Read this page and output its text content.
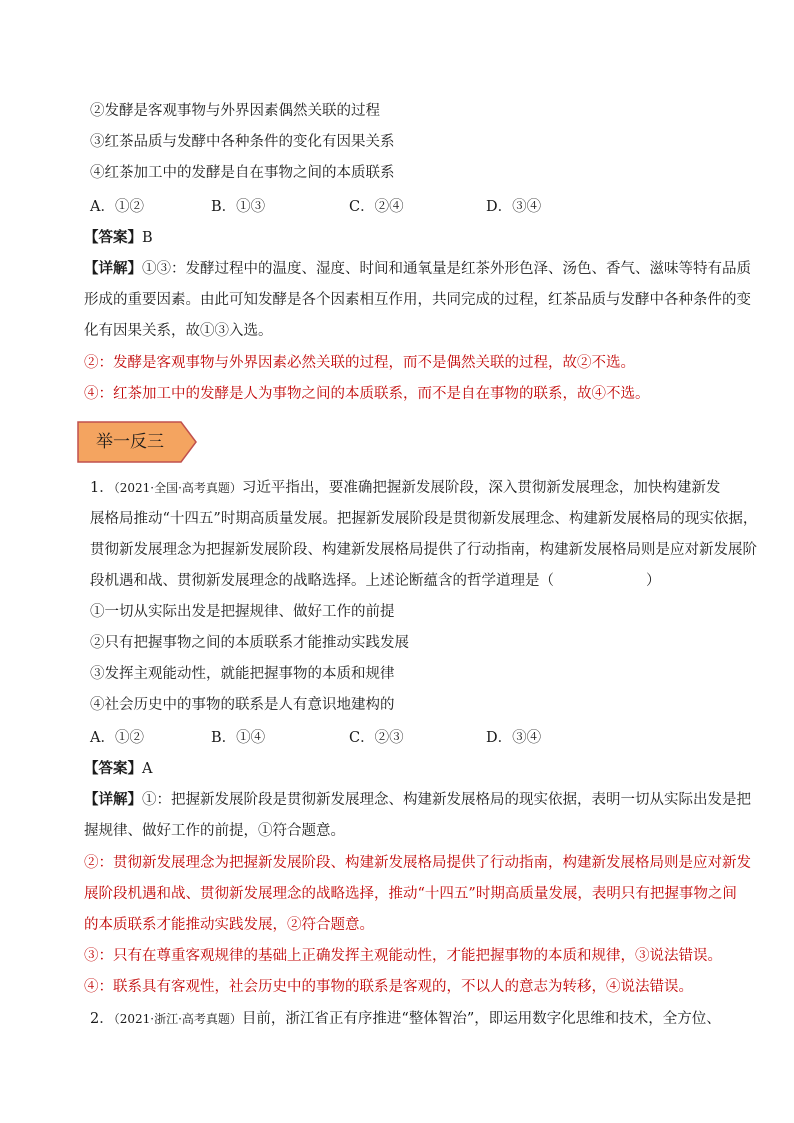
②发酵是客观事物与外界因素偶然关联的过程
③红茶品质与发酵中各种条件的变化有因果关系
④红茶加工中的发酵是自在事物之间的本质联系
A．①②	B．①③	C．②④	D．③④
【答案】B
【详解】①③：发酵过程中的温度、湿度、时间和通氧量是红茶外形色泽、汤色、香气、滋味等特有品质
形成的重要因素。由此可知发酵是各个因素相互作用，共同完成的过程，红茶品质与发酵中各种条件的变
化有因果关系，故①③入选。
②：发酵是客观事物与外界因素必然关联的过程，而不是偶然关联的过程，故②不选。
④：红茶加工中的发酵是人为事物之间的本质联系，而不是自在事物的联系，故④不选。
举一反三
1．（2021·全国·高考真题）习近平指出，要准确把握新发展阶段，深入贯彻新发展理念，加快构建新发
展格局推动“十四五”时期高质量发展。把握新发展阶段是贯彻新发展理念、构建新发展格局的现实依据，
贯彻新发展理念为把握新发展阶段、构建新发展格局提供了行动指南，构建新发展格局则是应对新发展阶
段机遇和战、贯彻新发展理念的战略选择。上述论断蕴含的哲学道理是（	）
①一切从实际出发是把握规律、做好工作的前提
②只有把握事物之间的本质联系才能推动实践发展
③发挥主观能动性，就能把握事物的本质和规律
④社会历史中的事物的联系是人有意识地建构的
A．①②	B．①④	C．②③	D．③④
【答案】A
【详解】①：把握新发展阶段是贯彻新发展理念、构建新发展格局的现实依据，表明一切从实际出发是把
握规律、做好工作的前提，①符合题意。
②：贯彻新发展理念为把握新发展阶段、构建新发展格局提供了行动指南，构建新发展格局则是应对新发
展阶段机遇和战、贯彻新发展理念的战略选择，推动“十四五”时期高质量发展，表明只有把握事物之间
的本质联系才能推动实践发展，②符合题意。
③：只有在尊重客观规律的基础上正确发挥主观能动性，才能把握事物的本质和规律，③说法错误。
④：联系具有客观性，社会历史中的事物的联系是客观的，不以人的意志为转移，④说法错误。
2．（2021·浙江·高考真题）目前，浙江省正有序推进“整体智治”，即运用数字化思维和技术，全方位、
